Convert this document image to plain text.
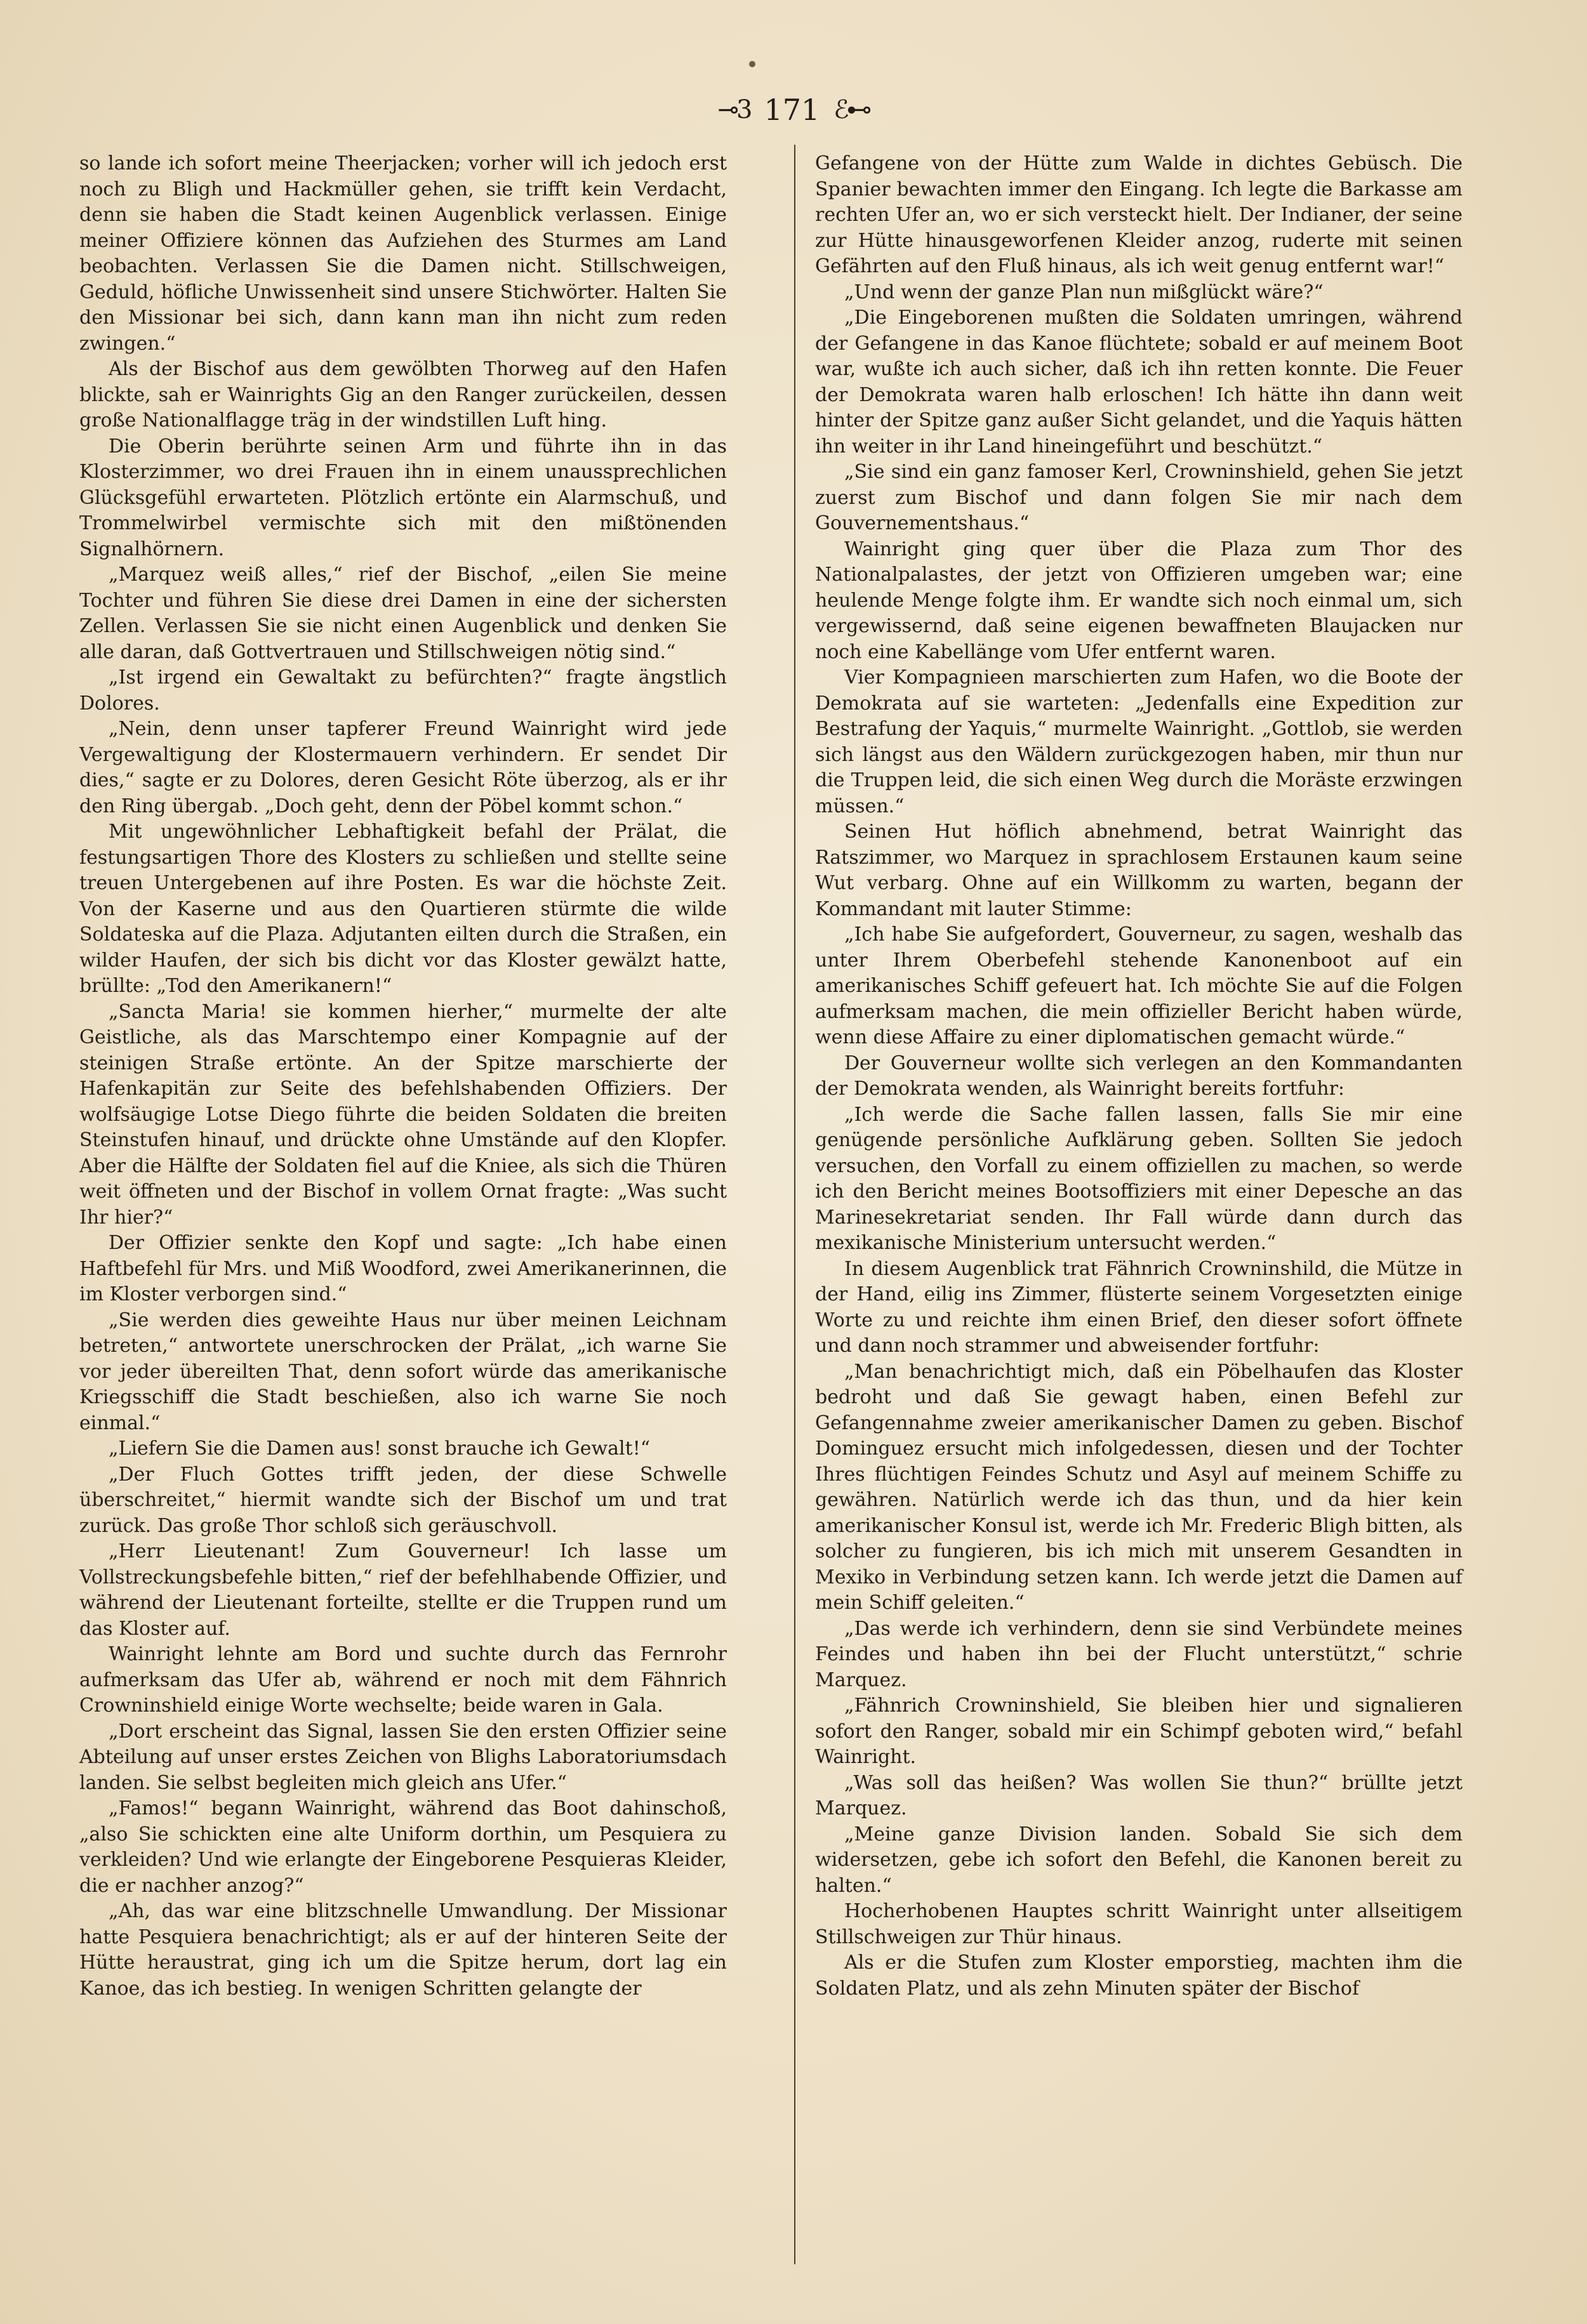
⊸3 171 ℰ⊷

so lande ich sofort meine Theerjacken; vorher will ich jedoch erst noch zu Bligh und Hackmüller gehen, sie trifft kein Verdacht, denn sie haben die Stadt keinen Augenblick verlassen. Einige meiner Offiziere können das Aufziehen des Sturmes am Land beobachten. Verlassen Sie die Damen nicht. Stillschweigen, Geduld, höfliche Unwissenheit sind unsere Stichwörter. Halten Sie den Missionar bei sich, dann kann man ihn nicht zum reden zwingen.“

Als der Bischof aus dem gewölbten Thorweg auf den Hafen blickte, sah er Wainrights Gig an den Ranger zurückeilen, dessen große Nationalflagge träg in der windstillen Luft hing.

Die Oberin berührte seinen Arm und führte ihn in das Klosterzimmer, wo drei Frauen ihn in einem unaussprechlichen Glücksgefühl erwarteten. Plötzlich ertönte ein Alarmschuß, und Trommelwirbel vermischte sich mit den mißtönenden Signalhörnern.

„Marquez weiß alles,“ rief der Bischof, „eilen Sie meine Tochter und führen Sie diese drei Damen in eine der sichersten Zellen. Verlassen Sie sie nicht einen Augenblick und denken Sie alle daran, daß Gottvertrauen und Stillschweigen nötig sind.“

„Ist irgend ein Gewaltakt zu befürchten?“ fragte ängstlich Dolores.

„Nein, denn unser tapferer Freund Wainright wird jede Vergewaltigung der Klostermauern verhindern. Er sendet Dir dies,“ sagte er zu Dolores, deren Gesicht Röte überzog, als er ihr den Ring übergab. „Doch geht, denn der Pöbel kommt schon.“

Mit ungewöhnlicher Lebhaftigkeit befahl der Prälat, die festungsartigen Thore des Klosters zu schließen und stellte seine treuen Untergebenen auf ihre Posten. Es war die höchste Zeit. Von der Kaserne und aus den Quartieren stürmte die wilde Soldateska auf die Plaza. Adjutanten eilten durch die Straßen, ein wilder Haufen, der sich bis dicht vor das Kloster gewälzt hatte, brüllte: „Tod den Amerikanern!“

„Sancta Maria! sie kommen hierher,“ murmelte der alte Geistliche, als das Marschtempo einer Kompagnie auf der steinigen Straße ertönte. An der Spitze marschierte der Hafenkapitän zur Seite des befehlshabenden Offiziers. Der wolfsäugige Lotse Diego führte die beiden Soldaten die breiten Steinstufen hinauf, und drückte ohne Umstände auf den Klopfer. Aber die Hälfte der Soldaten fiel auf die Kniee, als sich die Thüren weit öffneten und der Bischof in vollem Ornat fragte: „Was sucht Ihr hier?“

Der Offizier senkte den Kopf und sagte: „Ich habe einen Haftbefehl für Mrs. und Miß Woodford, zwei Amerikanerinnen, die im Kloster verborgen sind.“

„Sie werden dies geweihte Haus nur über meinen Leichnam betreten,“ antwortete unerschrocken der Prälat, „ich warne Sie vor jeder übereilten That, denn sofort würde das amerikanische Kriegsschiff die Stadt beschießen, also ich warne Sie noch einmal.“

„Liefern Sie die Damen aus! sonst brauche ich Gewalt!“

„Der Fluch Gottes trifft jeden, der diese Schwelle überschreitet,“ hiermit wandte sich der Bischof um und trat zurück. Das große Thor schloß sich geräuschvoll.

„Herr Lieutenant! Zum Gouverneur! Ich lasse um Vollstreckungsbefehle bitten,“ rief der befehlhabende Offizier, und während der Lieutenant forteilte, stellte er die Truppen rund um das Kloster auf.

Wainright lehnte am Bord und suchte durch das Fernrohr aufmerksam das Ufer ab, während er noch mit dem Fähnrich Crowninshield einige Worte wechselte; beide waren in Gala.

„Dort erscheint das Signal, lassen Sie den ersten Offizier seine Abteilung auf unser erstes Zeichen von Blighs Laboratoriumsdach landen. Sie selbst begleiten mich gleich ans Ufer.“

„Famos!“ begann Wainright, während das Boot dahinschoß, „also Sie schickten eine alte Uniform dorthin, um Pesquiera zu verkleiden? Und wie erlangte der Eingeborene Pesquieras Kleider, die er nachher anzog?“

„Ah, das war eine blitzschnelle Umwandlung. Der Missionar hatte Pesquiera benachrichtigt; als er auf der hinteren Seite der Hütte heraustrat, ging ich um die Spitze herum, dort lag ein Kanoe, das ich bestieg. In wenigen Schritten gelangte der

Gefangene von der Hütte zum Walde in dichtes Gebüsch. Die Spanier bewachten immer den Eingang. Ich legte die Barkasse am rechten Ufer an, wo er sich versteckt hielt. Der Indianer, der seine zur Hütte hinausgeworfenen Kleider anzog, ruderte mit seinen Gefährten auf den Fluß hinaus, als ich weit genug entfernt war!“

„Und wenn der ganze Plan nun mißglückt wäre?“

„Die Eingeborenen mußten die Soldaten umringen, während der Gefangene in das Kanoe flüchtete; sobald er auf meinem Boot war, wußte ich auch sicher, daß ich ihn retten konnte. Die Feuer der Demokrata waren halb erloschen! Ich hätte ihn dann weit hinter der Spitze ganz außer Sicht gelandet, und die Yaquis hätten ihn weiter in ihr Land hineingeführt und beschützt.“

„Sie sind ein ganz famoser Kerl, Crowninshield, gehen Sie jetzt zuerst zum Bischof und dann folgen Sie mir nach dem Gouvernementshaus.“

Wainright ging quer über die Plaza zum Thor des Nationalpalastes, der jetzt von Offizieren umgeben war; eine heulende Menge folgte ihm. Er wandte sich noch einmal um, sich vergewissernd, daß seine eigenen bewaffneten Blaujacken nur noch eine Kabellänge vom Ufer entfernt waren.

Vier Kompagnieen marschierten zum Hafen, wo die Boote der Demokrata auf sie warteten: „Jedenfalls eine Expedition zur Bestrafung der Yaquis,“ murmelte Wainright. „Gottlob, sie werden sich längst aus den Wäldern zurückgezogen haben, mir thun nur die Truppen leid, die sich einen Weg durch die Moräste erzwingen müssen.“

Seinen Hut höflich abnehmend, betrat Wainright das Ratszimmer, wo Marquez in sprachlosem Erstaunen kaum seine Wut verbarg. Ohne auf ein Willkomm zu warten, begann der Kommandant mit lauter Stimme:

„Ich habe Sie aufgefordert, Gouverneur, zu sagen, weshalb das unter Ihrem Oberbefehl stehende Kanonenboot auf ein amerikanisches Schiff gefeuert hat. Ich möchte Sie auf die Folgen aufmerksam machen, die mein offizieller Bericht haben würde, wenn diese Affaire zu einer diplomatischen gemacht würde.“

Der Gouverneur wollte sich verlegen an den Kommandanten der Demokrata wenden, als Wainright bereits fortfuhr:

„Ich werde die Sache fallen lassen, falls Sie mir eine genügende persönliche Aufklärung geben. Sollten Sie jedoch versuchen, den Vorfall zu einem offiziellen zu machen, so werde ich den Bericht meines Bootsoffiziers mit einer Depesche an das Marinesekretariat senden. Ihr Fall würde dann durch das mexikanische Ministerium untersucht werden.“

In diesem Augenblick trat Fähnrich Crowninshild, die Mütze in der Hand, eilig ins Zimmer, flüsterte seinem Vorgesetzten einige Worte zu und reichte ihm einen Brief, den dieser sofort öffnete und dann noch strammer und abweisender fortfuhr:

„Man benachrichtigt mich, daß ein Pöbelhaufen das Kloster bedroht und daß Sie gewagt haben, einen Befehl zur Gefangennahme zweier amerikanischer Damen zu geben. Bischof Dominguez ersucht mich infolgedessen, diesen und der Tochter Ihres flüchtigen Feindes Schutz und Asyl auf meinem Schiffe zu gewähren. Natürlich werde ich das thun, und da hier kein amerikanischer Konsul ist, werde ich Mr. Frederic Bligh bitten, als solcher zu fungieren, bis ich mich mit unserem Gesandten in Mexiko in Verbindung setzen kann. Ich werde jetzt die Damen auf mein Schiff geleiten.“

„Das werde ich verhindern, denn sie sind Verbündete meines Feindes und haben ihn bei der Flucht unterstützt,“ schrie Marquez.

„Fähnrich Crowninshield, Sie bleiben hier und signalieren sofort den Ranger, sobald mir ein Schimpf geboten wird,“ befahl Wainright.

„Was soll das heißen? Was wollen Sie thun?“ brüllte jetzt Marquez.

„Meine ganze Division landen. Sobald Sie sich dem widersetzen, gebe ich sofort den Befehl, die Kanonen bereit zu halten.“

Hocherhobenen Hauptes schritt Wainright unter allseitigem Stillschweigen zur Thür hinaus.

Als er die Stufen zum Kloster emporstieg, machten ihm die Soldaten Platz, und als zehn Minuten später der Bischof
